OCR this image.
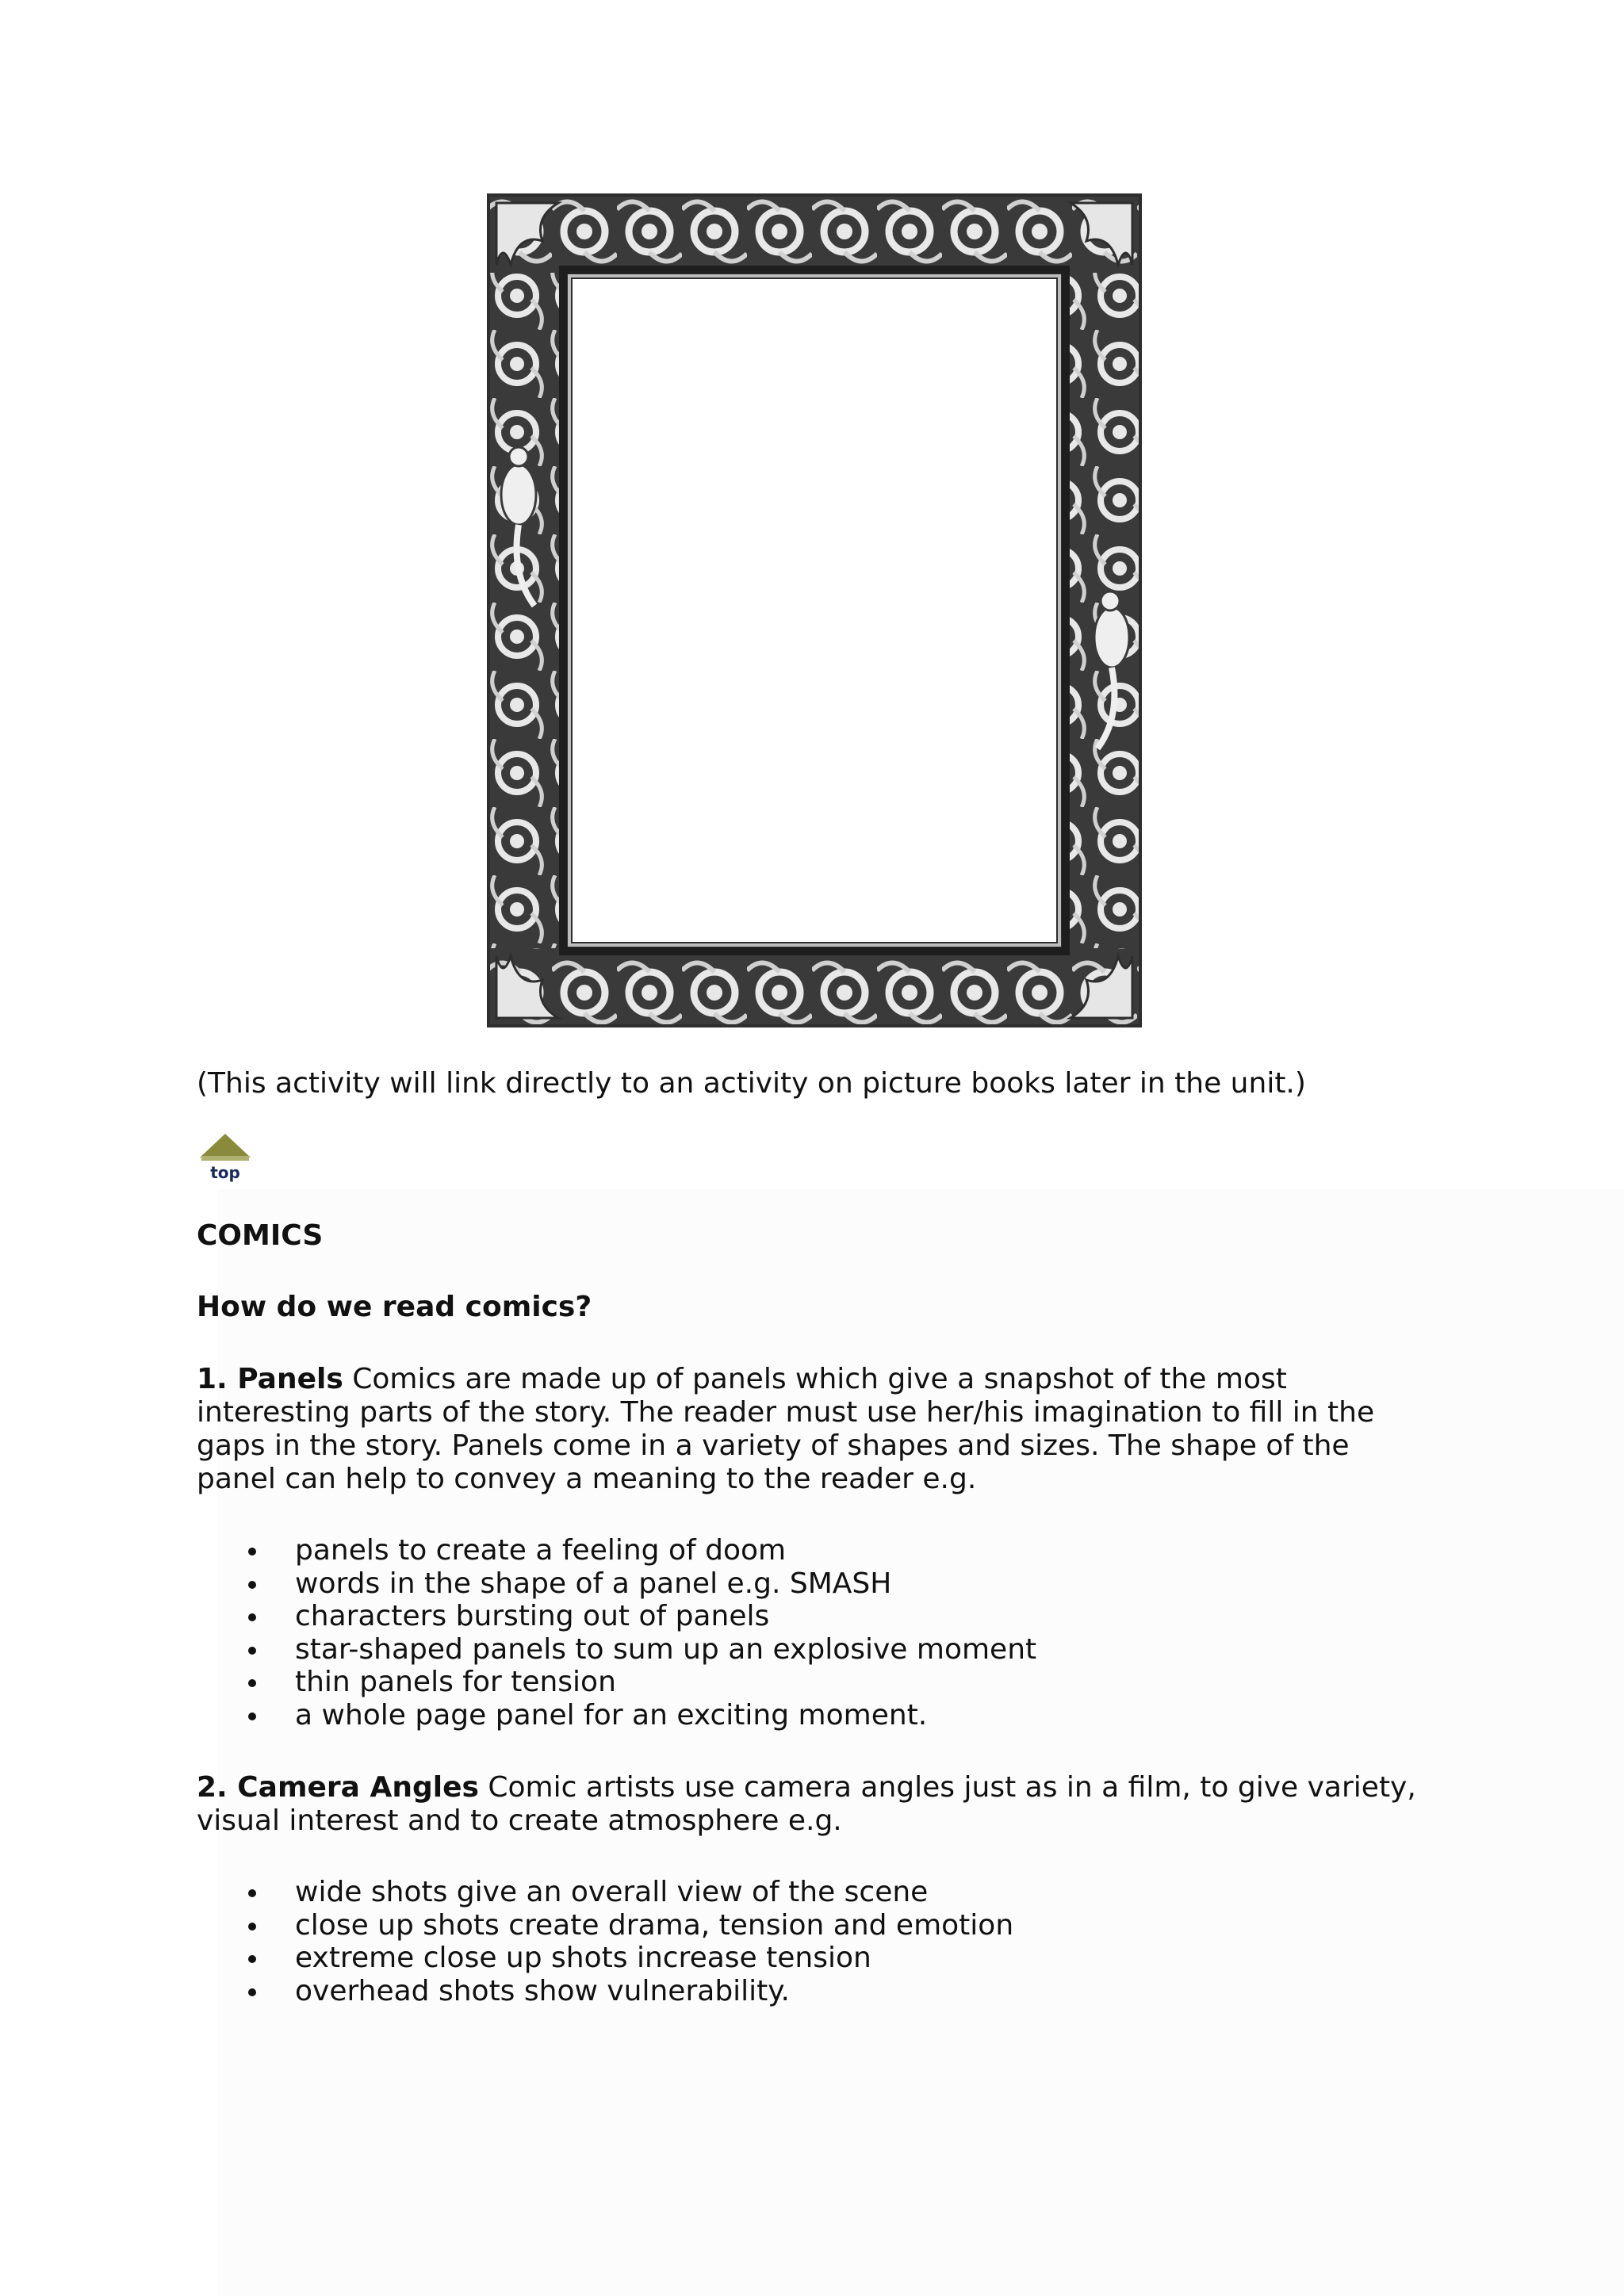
(This activity will link directly to an activity on picture books later in the unit.)

top

COMICS

How do we read comics?

1. Panels Comics are made up of panels which give a snapshot of the most interesting parts of the story. The reader must use her/his imagination to fill in the gaps in the story. Panels come in a variety of shapes and sizes. The shape of the panel can help to convey a meaning to the reader e.g.

panels to create a feeling of doom
words in the shape of a panel e.g. SMASH
characters bursting out of panels
star-shaped panels to sum up an explosive moment
thin panels for tension
a whole page panel for an exciting moment.

2. Camera Angles Comic artists use camera angles just as in a film, to give variety, visual interest and to create atmosphere e.g.

wide shots give an overall view of the scene
close up shots create drama, tension and emotion
extreme close up shots increase tension
overhead shots show vulnerability.
